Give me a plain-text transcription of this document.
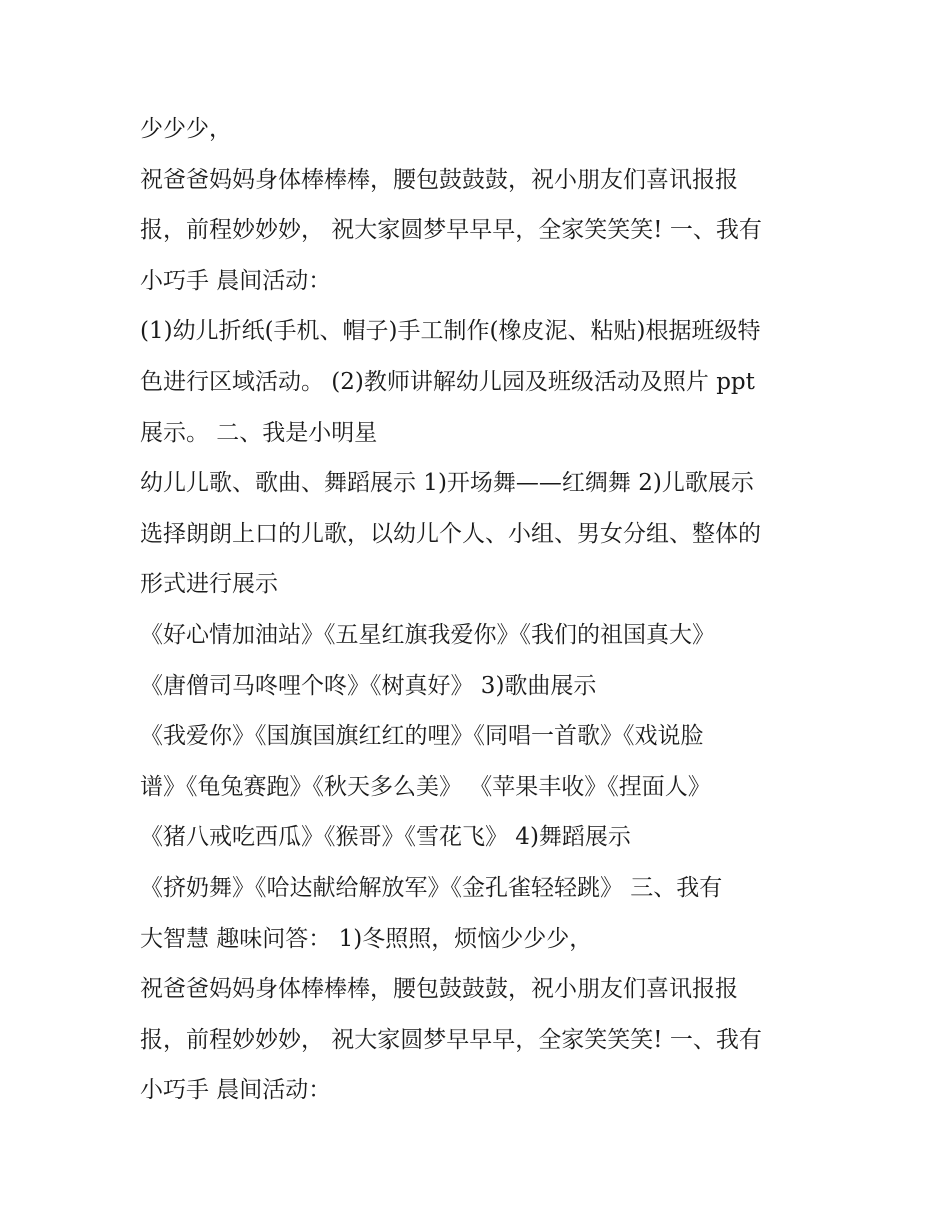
少少少，

祝爸爸妈妈身体棒棒棒，腰包鼓鼓鼓，祝小朋友们喜讯报报

报，前程妙妙妙， 祝大家圆梦早早早，全家笑笑笑! 一、我有

小巧手 晨间活动：

(1)幼儿折纸(手机、帽子)手工制作(橡皮泥、粘贴)根据班级特

色进行区域活动。 (2)教师讲解幼儿园及班级活动及照片 ppt

展示。 二、我是小明星

幼儿儿歌、歌曲、舞蹈展示 1)开场舞——红绸舞 2)儿歌展示

选择朗朗上口的儿歌，以幼儿个人、小组、男女分组、整体的

形式进行展示

《好心情加油站》《五星红旗我爱你》《我们的祖国真大》

《唐僧司马咚哩个咚》《树真好》 3)歌曲展示

《我爱你》《国旗国旗红红的哩》《同唱一首歌》《戏说脸

谱》《龟兔赛跑》《秋天多么美》 《苹果丰收》《捏面人》

《猪八戒吃西瓜》《猴哥》《雪花飞》 4)舞蹈展示

《挤奶舞》《哈达献给解放军》《金孔雀轻轻跳》 三、我有

大智慧 趣味问答： 1)冬照照，烦恼少少少，

祝爸爸妈妈身体棒棒棒，腰包鼓鼓鼓，祝小朋友们喜讯报报

报，前程妙妙妙， 祝大家圆梦早早早，全家笑笑笑! 一、我有

小巧手 晨间活动：
